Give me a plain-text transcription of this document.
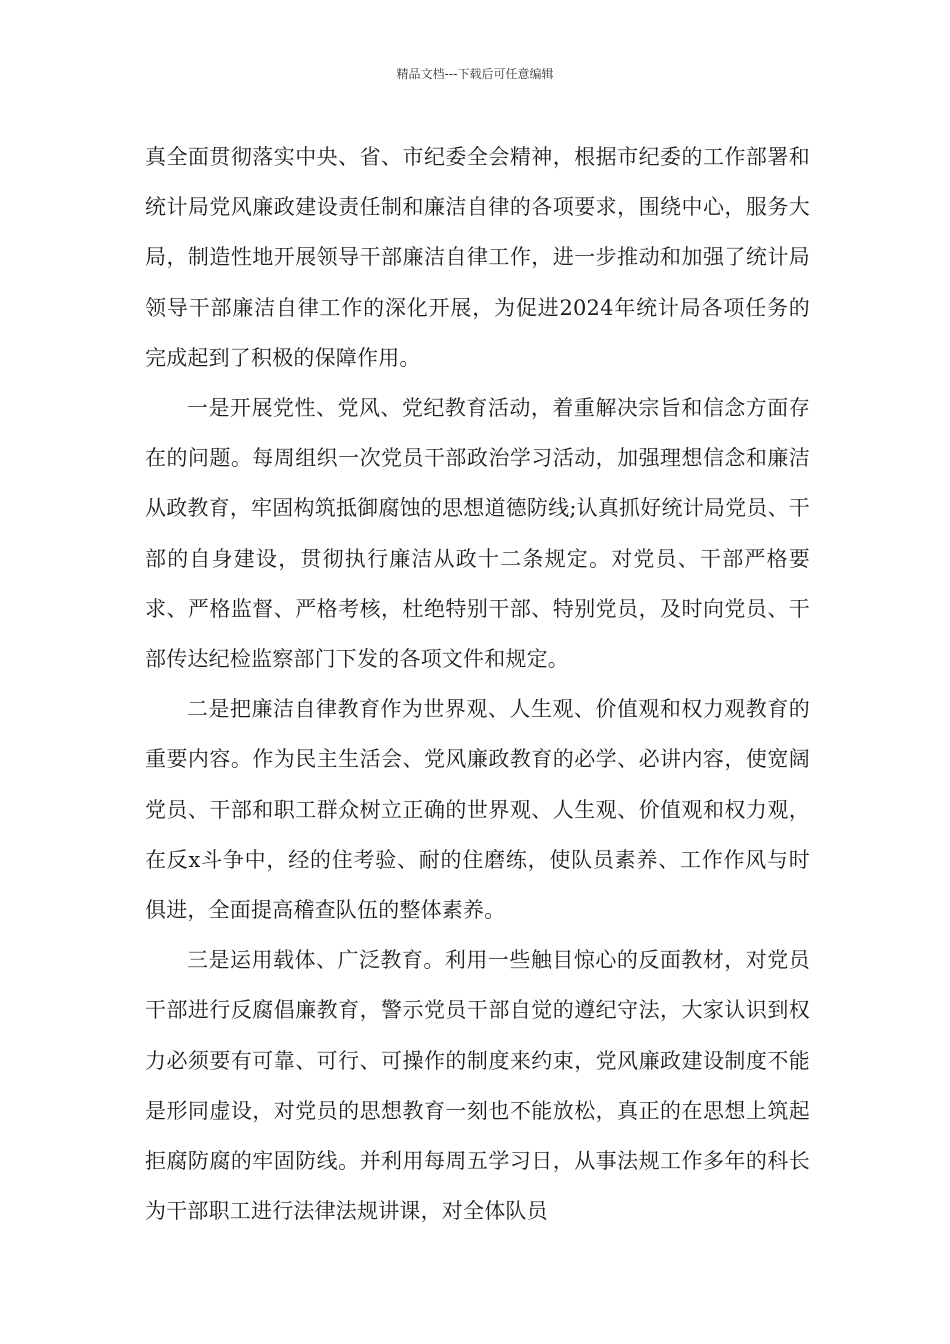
精品文档---下载后可任意编辑

真全面贯彻落实中央、省、市纪委全会精神，根据市纪委的工作部署和统计局党风廉政建设责任制和廉洁自律的各项要求，围绕中心，服务大局，制造性地开展领导干部廉洁自律工作，进一步推动和加强了统计局领导干部廉洁自律工作的深化开展，为促进2024年统计局各项任务的完成起到了积极的保障作用。

一是开展党性、党风、党纪教育活动，着重解决宗旨和信念方面存在的问题。每周组织一次党员干部政治学习活动，加强理想信念和廉洁从政教育，牢固构筑抵御腐蚀的思想道德防线;认真抓好统计局党员、干部的自身建设，贯彻执行廉洁从政十二条规定。对党员、干部严格要求、严格监督、严格考核，杜绝特别干部、特别党员，及时向党员、干部传达纪检监察部门下发的各项文件和规定。

二是把廉洁自律教育作为世界观、人生观、价值观和权力观教育的重要内容。作为民主生活会、党风廉政教育的必学、必讲内容，使宽阔党员、干部和职工群众树立正确的世界观、人生观、价值观和权力观，在反x斗争中，经的住考验、耐的住磨练，使队员素养、工作作风与时俱进，全面提高稽查队伍的整体素养。

三是运用载体、广泛教育。利用一些触目惊心的反面教材，对党员干部进行反腐倡廉教育，警示党员干部自觉的遵纪守法，大家认识到权力必须要有可靠、可行、可操作的制度来约束，党风廉政建设制度不能是形同虚设，对党员的思想教育一刻也不能放松，真正的在思想上筑起拒腐防腐的牢固防线。并利用每周五学习日，从事法规工作多年的科长为干部职工进行法律法规讲课，对全体队员
